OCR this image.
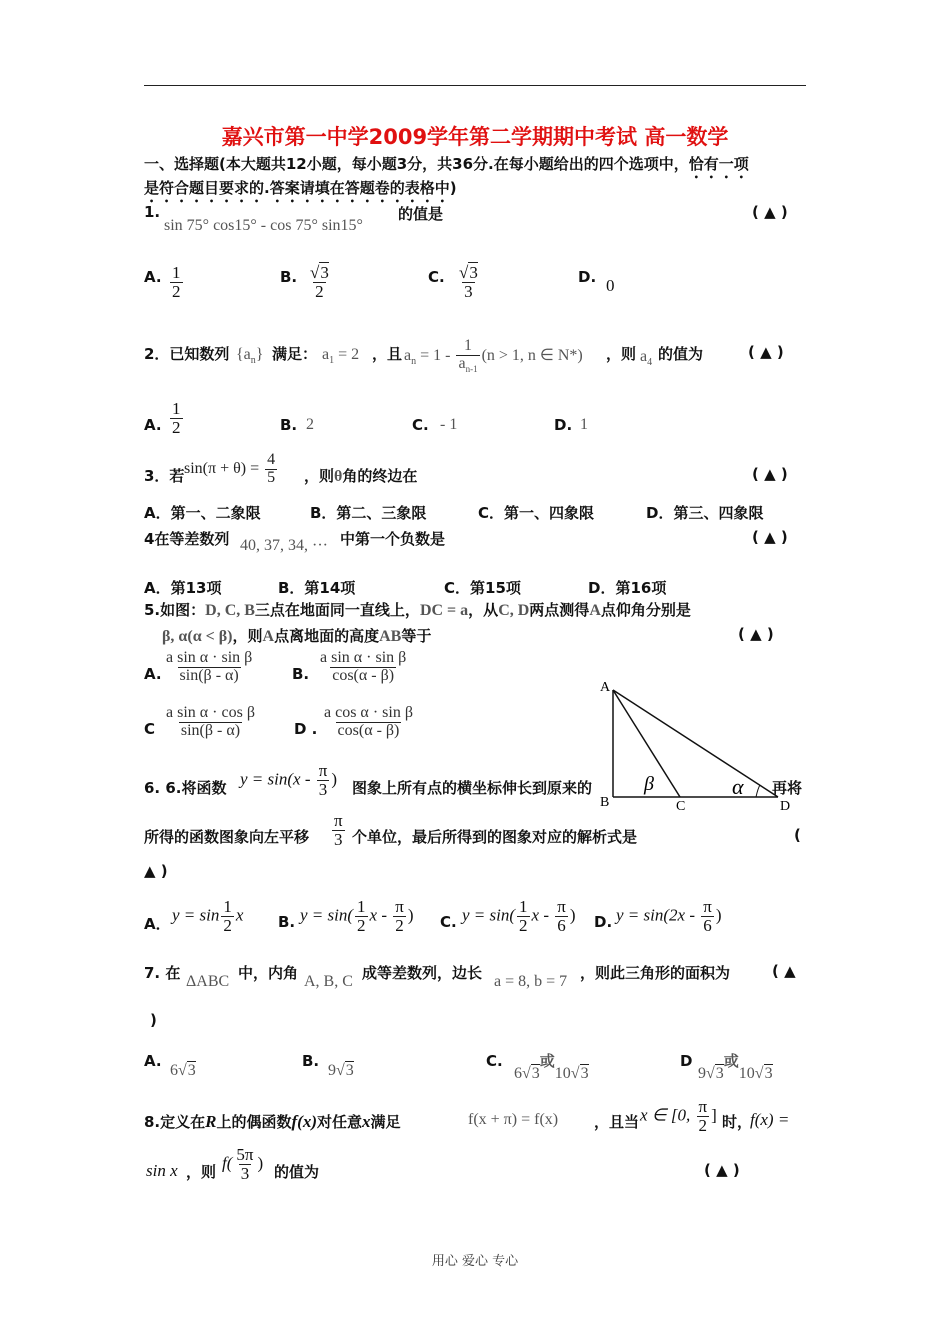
嘉兴市第一中学2009学年第二学期期中考试 高一数学
一、选择题(本大题共12小题，每小题3分，共36分.在每小题给出的四个选项中，恰有一项
是符合题目要求的.答案请填在答题卷的表格中)
1.
sin 75° cos15° - cos 75° sin15°
的值是	( ▲ )
A. $\frac{1}{2}$	B. $\frac{√3}{2}$	C. $\frac{√3}{3}$	D. 0
2．已知数列 $\{a_n\}$ 满足： $a_1 = 2$ ，且 $a_n = 1 - \frac{1}{a_{n-1}} (n > 1$, n ∈ N*) ，则 $a_4$ 的值为	( ▲ )
A. $\frac{1}{2}$	B. 2	C. - 1	D. 1
3．若 $\sin(\pi + \theta) = \frac{4}{5}$ ，则θ角的终边在	( ▲ )
A．第一、二象限	B．第二、三象限	C．第一、四象限	D．第三、四象限
4在等差数列 40, 37, 34, ··· 中第一个负数是	( ▲ )
A．第13项	B．第14项	C．第15项	D．第16项
5.如图：D, C, B三点在地面同一直线上，DC = a，从C, D两点测得A点仰角分别是
β, α(α < β)，则A点离地面的高度AB等于	( ▲ )
A. $\frac{\text{a sin α · sin β}}{\sin(\beta - \alpha)}$	B. $\frac{\text{a sin α · sin β}}{\cos(\alpha - \beta)}$
C $\frac{\text{a sin α · cos β}}{\sin(\beta - \alpha)}$ D . $\frac{\text{a cos α · sin β}}{\cos(\alpha - \beta)}$
A
B	C	D
β	α
6. 6.将函数 $y = \sin(x - \frac{\pi}{3}$ ) 图象上所有点的横坐标伸长到原来的	再将
所得的函数图象向左平移 $\frac{\pi}{3}$ 个单位，最后所得到的图象对应的解析式是	(
▲ )
A． $y = \sin \frac{1}{2}$ x B. $y = \sin( \frac{1}{2}$ x - $\frac{\pi}{2}$ ) C. $y = \sin( \frac{1}{2}$ x - $\frac{\pi}{6}$ ) D. $y = \sin(2x - \frac{\pi}{6}$ )
7. 在 ΔABC 中，内角 A, B, C 成等差数列，边长 a = 8, b = 7 ，则此三角形的面积为	( ▲
)
A.
6√3
B.
9√3
C.
6√3或10√3
D
9√3或10√3
8.定义在R上的偶函数f(x)对任意x满足	f(x + π) = f(x) ，且当 x ∈ [0, $\frac{\pi}{2}$ ] 时，
f(x) =
sin x ，则 $f( \frac{5\pi}{3}$ ) 的值为	( ▲ )
用心 爱心 专心
